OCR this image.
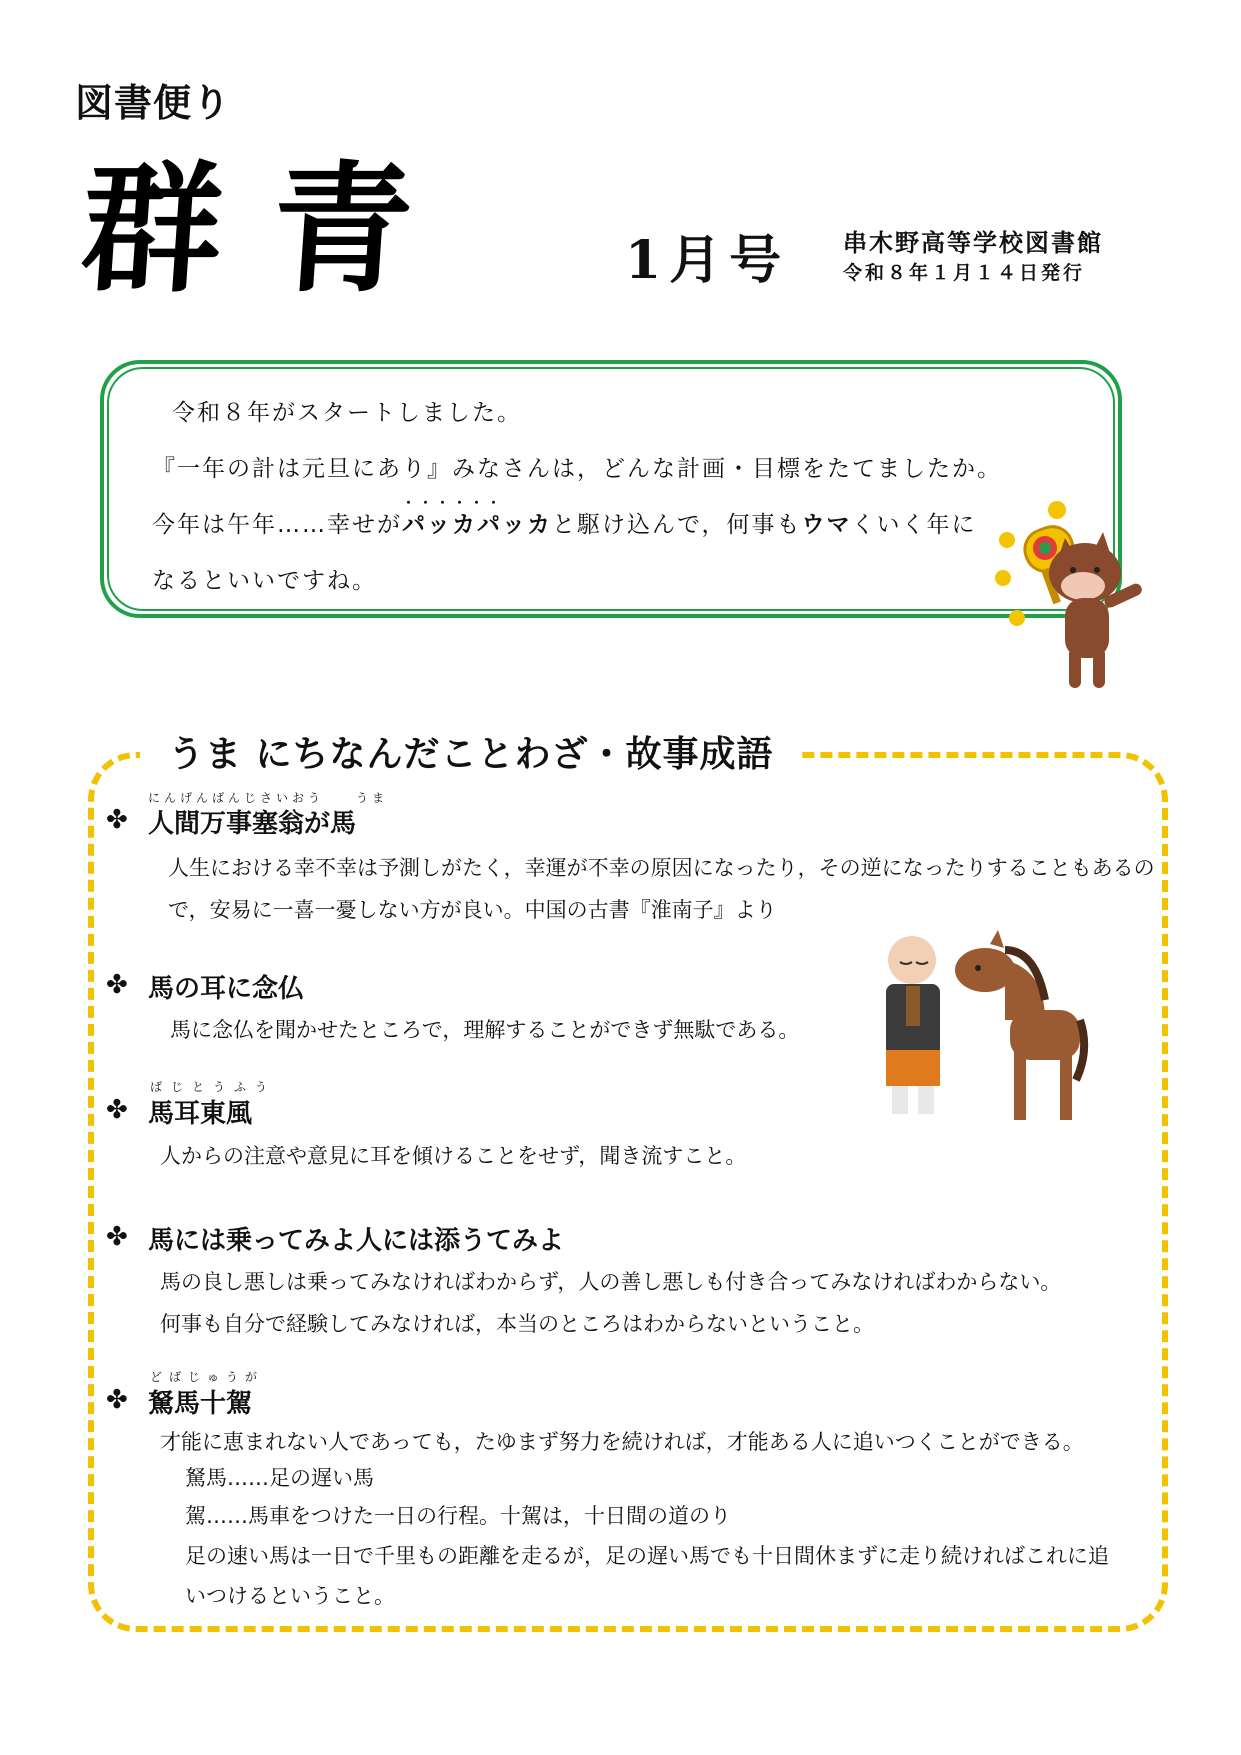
図書便り
群青	1月号 串木野高等学校図書館
令和８年１月１４日発行
令和８年がスタートしました。
『一年の計は元旦にあり』みなさんは，どんな計画・目標をたてましたか。
今年は午年……幸せが・・・・・・ パッカパッカと駆け込んで，何事もウマくいく年に
なるといいですね。
うま にちなんだことわざ・故事成語
✤
にんげんばんじさいおう　　うま
人間万事塞翁が馬
人生における幸不幸は予測しがたく，幸運が不幸の原因になったり，その逆になったりすることもあるの
で，安易に一喜一憂しない方が良い。中国の古書『淮南子』より
✤ 馬の耳に念仏
馬に念仏を聞かせたところで，理解することができず無駄である。
✤
ばじとうふう
馬耳東風
人からの注意や意見に耳を傾けることをせず，聞き流すこと。
✤ 馬には乗ってみよ人には添うてみよ
馬の良し悪しは乗ってみなければわからず，人の善し悪しも付き合ってみなければわからない。
何事も自分で経験してみなければ，本当のところはわからないということ。
✤
どばじゅうが
駑馬十駕
才能に恵まれない人であっても，たゆまず努力を続ければ，才能ある人に追いつくことができる。
駑馬……足の遅い馬
駕……馬車をつけた一日の行程。十駕は，十日間の道のり
足の速い馬は一日で千里もの距離を走るが，足の遅い馬でも十日間休まずに走り続ければこれに追
いつけるということ。
